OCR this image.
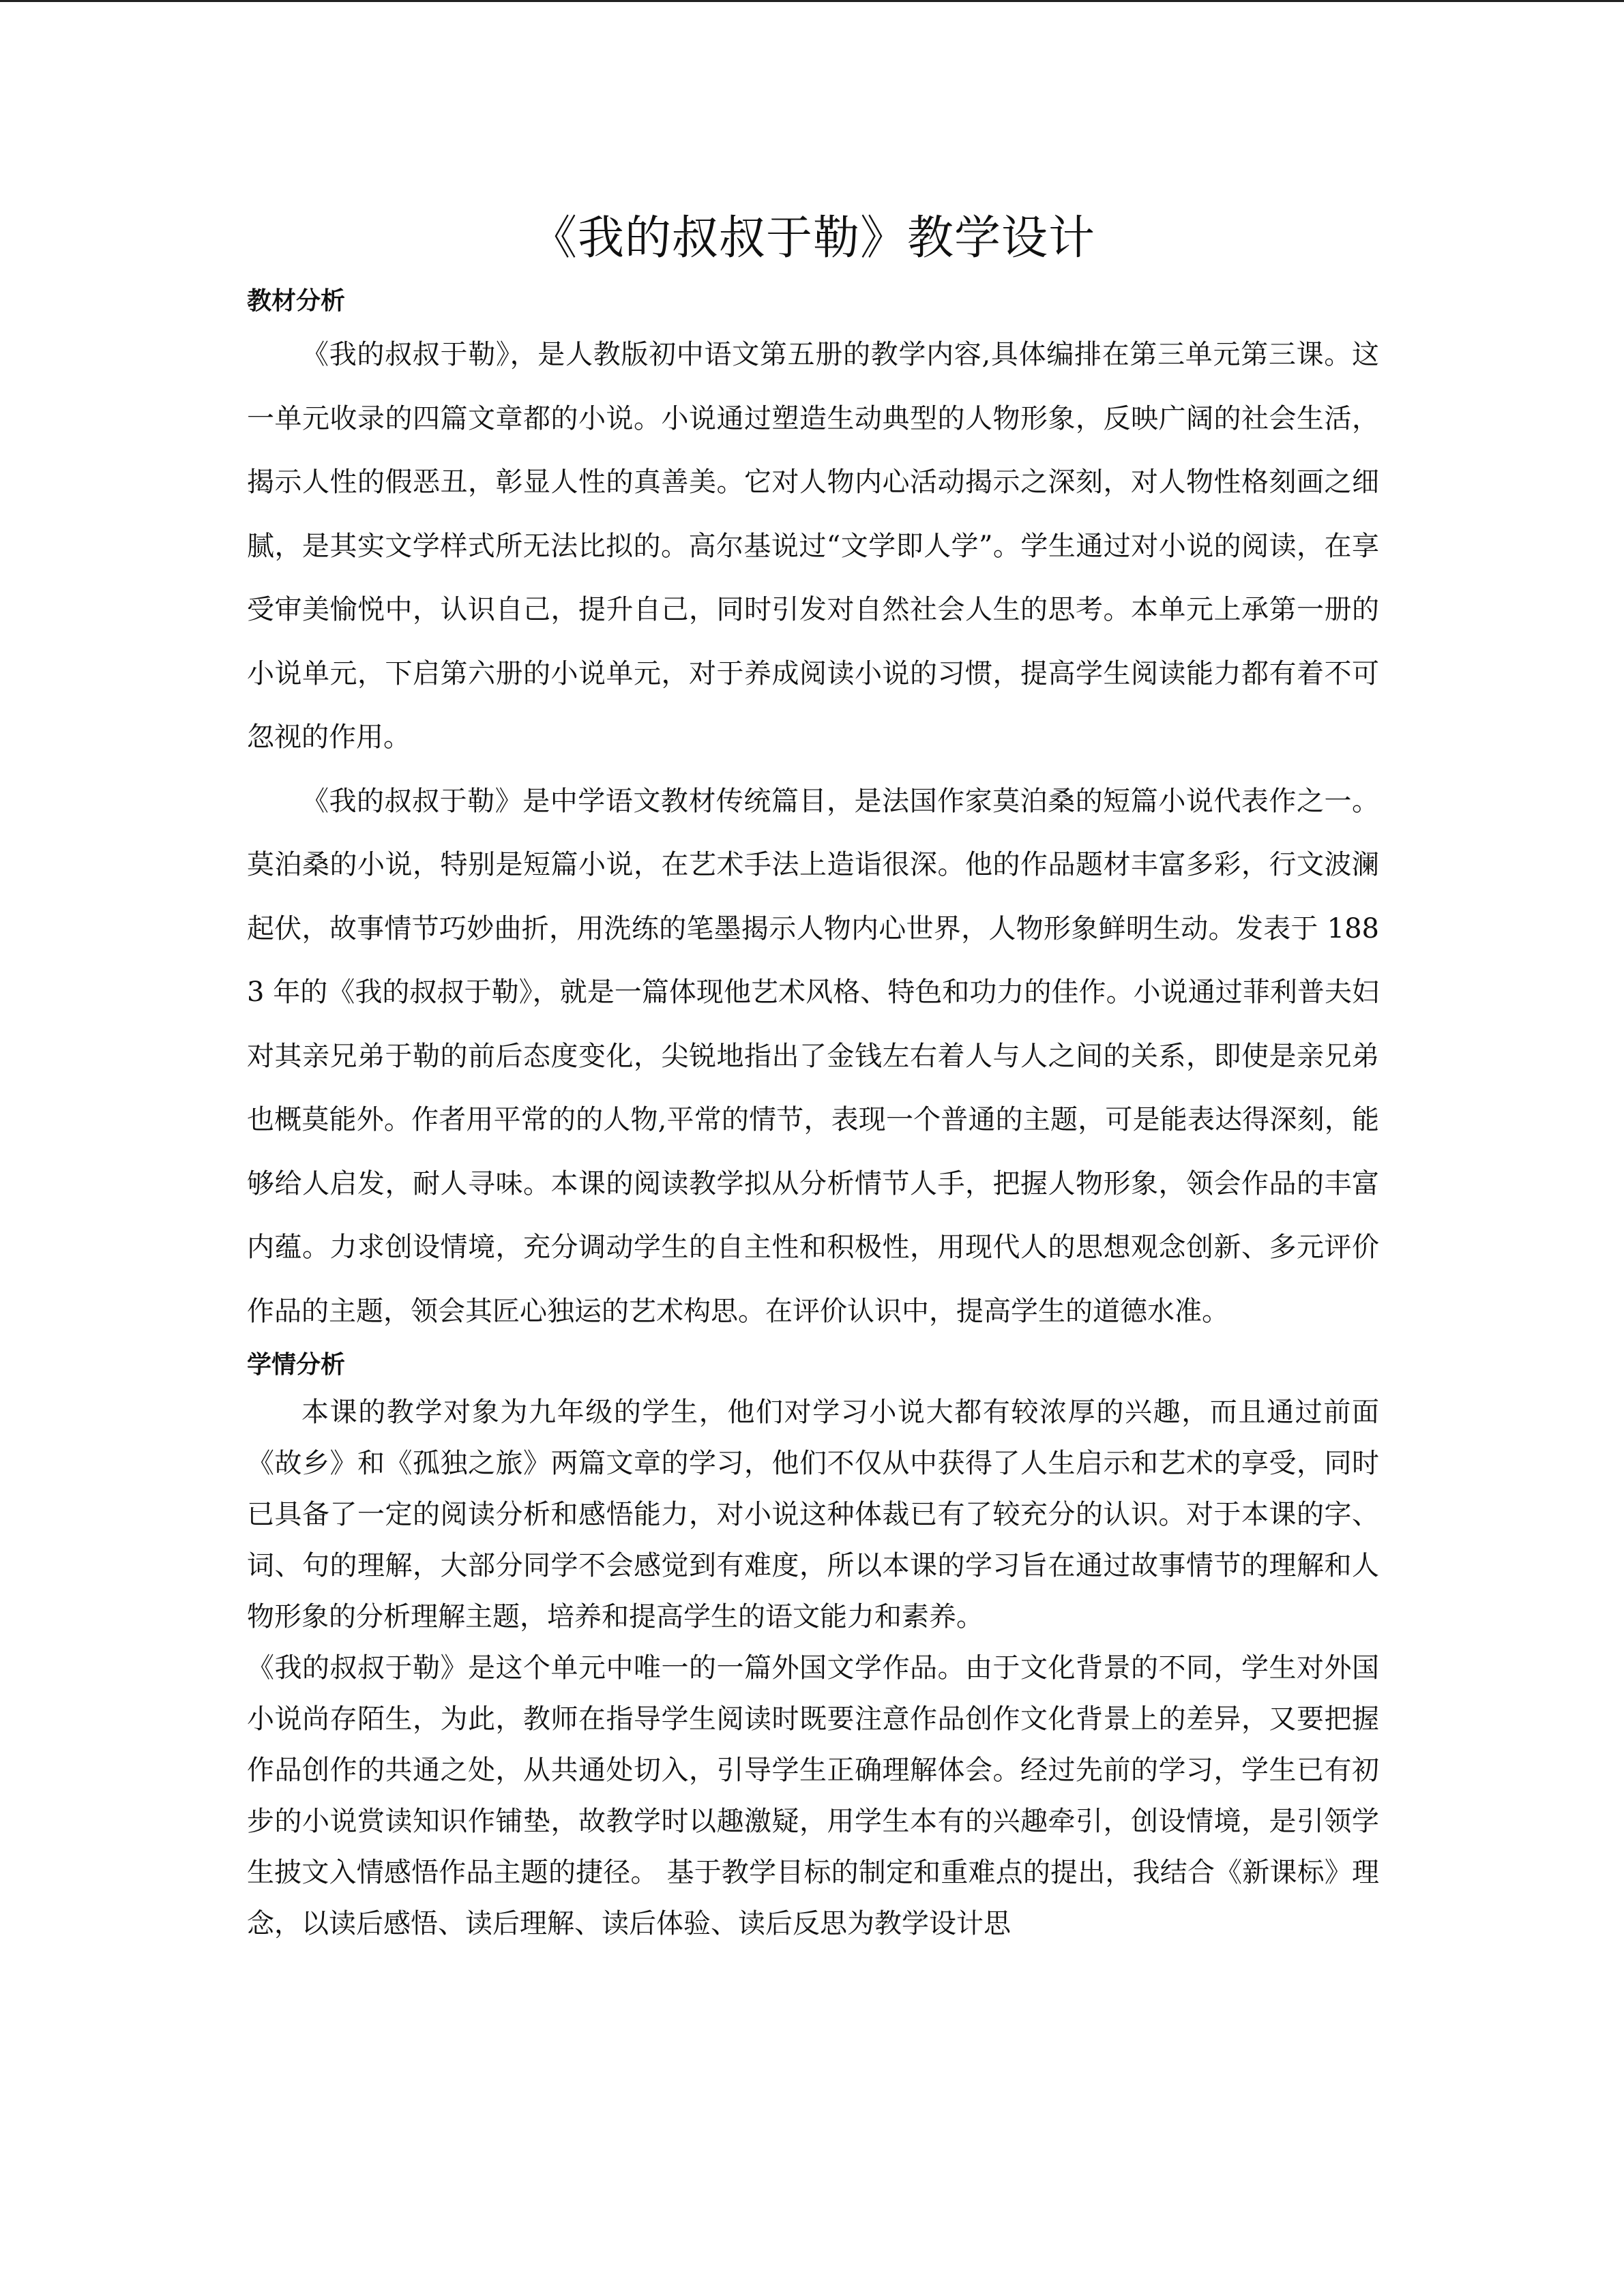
《我的叔叔于勒》教学设计
教材分析

《我的叔叔于勒》，是人教版初中语文第五册的教学内容,具体编排在第三单元第三课。这一单元收录的四篇文章都的小说。小说通过塑造生动典型的人物形象，反映广阔的社会生活，揭示人性的假恶丑，彰显人性的真善美。它对人物内心活动揭示之深刻，对人物性格刻画之细腻，是其实文学样式所无法比拟的。高尔基说过“文学即人学”。学生通过对小说的阅读，在享受审美愉悦中，认识自己，提升自己，同时引发对自然社会人生的思考。本单元上承第一册的小说单元，下启第六册的小说单元，对于养成阅读小说的习惯，提高学生阅读能力都有着不可忽视的作用。

《我的叔叔于勒》是中学语文教材传统篇目，是法国作家莫泊桑的短篇小说代表作之一。莫泊桑的小说，特别是短篇小说，在艺术手法上造诣很深。他的作品题材丰富多彩，行文波澜起伏，故事情节巧妙曲折，用洗练的笔墨揭示人物内心世界，人物形象鲜明生动。发表于 1883 年的《我的叔叔于勒》，就是一篇体现他艺术风格、特色和功力的佳作。小说通过菲利普夫妇对其亲兄弟于勒的前后态度变化，尖锐地指出了金钱左右着人与人之间的关系，即使是亲兄弟也概莫能外。作者用平常的的人物,平常的情节，表现一个普通的主题，可是能表达得深刻，能够给人启发，耐人寻味。本课的阅读教学拟从分析情节人手，把握人物形象，领会作品的丰富内蕴。力求创设情境，充分调动学生的自主性和积极性，用现代人的思想观念创新、多元评价作品的主题，领会其匠心独运的艺术构思。在评价认识中，提高学生的道德水准。

学情分析

本课的教学对象为九年级的学生，他们对学习小说大都有较浓厚的兴趣，而且通过前面《故乡》和《孤独之旅》两篇文章的学习，他们不仅从中获得了人生启示和艺术的享受，同时已具备了一定的阅读分析和感悟能力，对小说这种体裁已有了较充分的认识。对于本课的字、词、句的理解，大部分同学不会感觉到有难度，所以本课的学习旨在通过故事情节的理解和人物形象的分析理解主题，培养和提高学生的语文能力和素养。

《我的叔叔于勒》是这个单元中唯一的一篇外国文学作品。由于文化背景的不同，学生对外国小说尚存陌生，为此，教师在指导学生阅读时既要注意作品创作文化背景上的差异，又要把握作品创作的共通之处，从共通处切入，引导学生正确理解体会。经过先前的学习，学生已有初步的小说赏读知识作铺垫，故教学时以趣激疑，用学生本有的兴趣牵引，创设情境，是引领学生披文入情感悟作品主题的捷径。 基于教学目标的制定和重难点的提出，我结合《新课标》理念，以读后感悟、读后理解、读后体验、读后反思为教学设计思
